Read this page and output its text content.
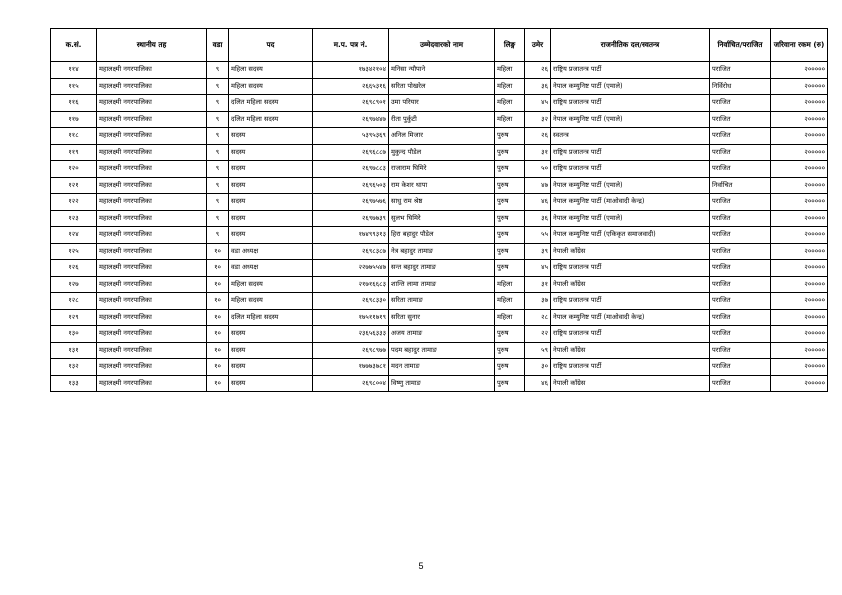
क.सं.	स्थानीय तह	वडा	पद	म.प. पत्र नं.	उम्मेदवारको नाम	लिङ्ग	उमेर	राजनीतिक दल/स्वतन्त्र	निर्वाचित/पराजित	जरिवाना रकम (रु)
११४	महालक्ष्मी नगरपालिका	९	महिला सदस्य	१७३४२१०४	मनिसा न्यौपाने	महिला	२६	राष्ट्रिय प्रजातन्त्र पार्टी	पराजित	२०००००
११५	महालक्ष्मी नगरपालिका	९	महिला सदस्य	२६६५३१६	सरिता पोखरेल	महिला	३६	नेपाल कम्युनिष्ट पार्टी (एमाले)	निर्विरोध	२०००००
११६	महालक्ष्मी नगरपालिका	९	दलित महिला सदस्य	२६९८९०१	उमा परियार	महिला	४५	राष्ट्रिय प्रजातन्त्र पार्टी	पराजित	२०००००
११७	महालक्ष्मी नगरपालिका	९	दलित महिला सदस्य	२६९७४४७	रीता पुर्कुटी	महिला	३२	नेपाल कम्युनिष्ट पार्टी (एमाले)	पराजित	२०००००
११८	महालक्ष्मी नगरपालिका	९	सदस्य	५३९५३६९	अनिल मिजार	पुरुष	२६	स्वतन्त्र	पराजित	२०००००
११९	महालक्ष्मी नगरपालिका	९	सदस्य	२६९६८८७	मुकुन्द पौडेल	पुरुष	३१	राष्ट्रिय प्रजातन्त्र पार्टी	पराजित	२०००००
१२०	महालक्ष्मी नगरपालिका	९	सदस्य	२६९७८८३	राजाराम घिमिरे	पुरुष	५०	राष्ट्रिय प्रजातन्त्र पार्टी	पराजित	२०००००
१२१	महालक्ष्मी नगरपालिका	९	सदस्य	२६९६५०३	राम केशर थापा	पुरुष	४७	नेपाल कम्युनिष्ट पार्टी (एमाले)	निर्वाचित	२०००००
१२२	महालक्ष्मी नगरपालिका	९	सदस्य	२६९७५७६	साधु राम श्रेष्ठ	पुरुष	४६	नेपाल कम्युनिष्ट पार्टी (माओवादी केन्द्र)	पराजित	२०००००
१२३	महालक्ष्मी नगरपालिका	९	सदस्य	२६९७७३९	सुलभ घिमिरे	पुरुष	३६	नेपाल कम्युनिष्ट पार्टी (एमाले)	पराजित	२०००००
१२४	महालक्ष्मी नगरपालिका	९	सदस्य	१७४९९३१३	हिरा बहादुर पौडेल	पुरुष	५५	नेपाल कम्युनिष्ट पार्टी (एकिकृत समाजवादी)	पराजित	२०००००
१२५	महालक्ष्मी नगरपालिका	१०	वडा अध्यक्ष	२६९८३८७	नेत्र बहादुर तामाङ	पुरुष	३९	नेपाली काँग्रेस	पराजित	२०००००
१२६	महालक्ष्मी नगरपालिका	१०	वडा अध्यक्ष	२२७७५५४७	सन्त बहादुर तामाङ	पुरुष	४५	राष्ट्रिय प्रजातन्त्र पार्टी	पराजित	२०००००
१२७	महालक्ष्मी नगरपालिका	१०	महिला सदस्य	२१७१६६८३	शान्ति लामा तामाङ	महिला	३१	नेपाली काँग्रेस	पराजित	२०००००
१२८	महालक्ष्मी नगरपालिका	१०	महिला सदस्य	२६९८३३०	सरिता तामाङ	महिला	३७	राष्ट्रिय प्रजातन्त्र पार्टी	पराजित	२०००००
१२९	महालक्ष्मी नगरपालिका	१०	दलित महिला सदस्य	१७५११७१९	सरिता सुनार	महिला	२८	नेपाल कम्युनिष्ट पार्टी (माओवादी केन्द्र)	पराजित	२०००००
१३०	महालक्ष्मी नगरपालिका	१०	सदस्य	२३६५६३३३	अजय तामाङ	पुरुष	२२	राष्ट्रिय प्रजातन्त्र पार्टी	पराजित	२०००००
१३१	महालक्ष्मी नगरपालिका	१०	सदस्य	२६९८९७७	पदम बहादुर तामाङ	पुरुष	५९	नेपाली काँग्रेस	पराजित	२०००००
१३२	महालक्ष्मी नगरपालिका	१०	सदस्य	१७७७३७८१	मदन तामाङ	पुरुष	३०	राष्ट्रिय प्रजातन्त्र पार्टी	पराजित	२०००००
१३३	महालक्ष्मी नगरपालिका	१०	सदस्य	२६९८००४	विष्णु तामाङ	पुरुष	४६	नेपाली काँग्रेस	पराजित	२०००००
5
